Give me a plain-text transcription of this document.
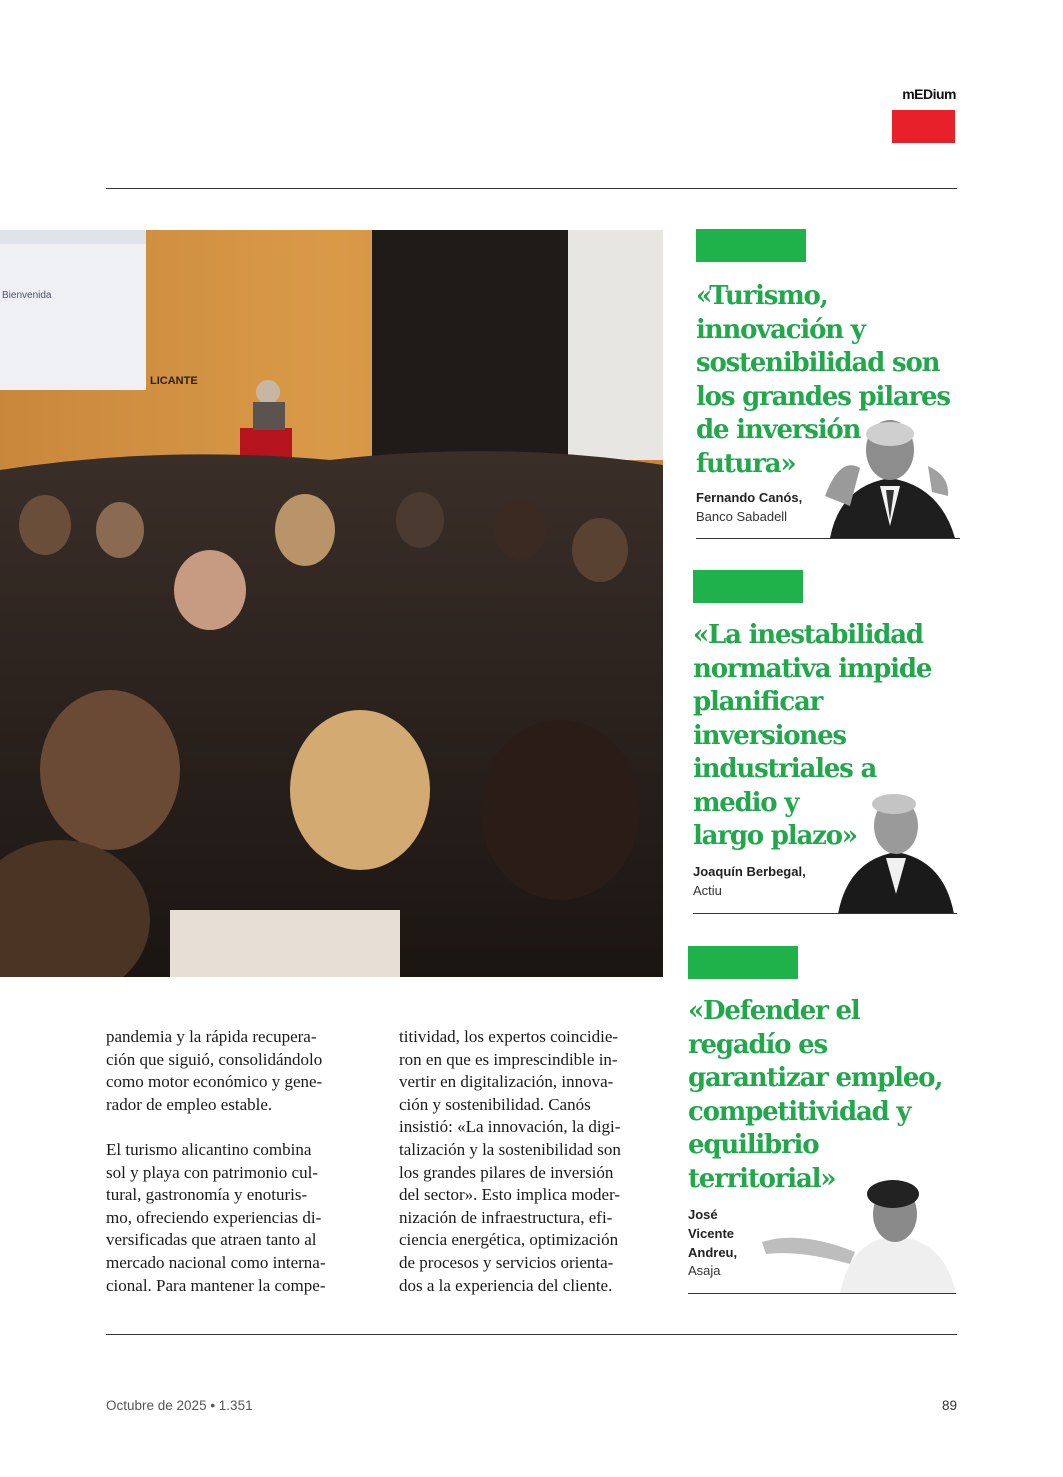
mEDium
Bienvenida
LICANTE

pandemia y la rápida recupera-
ción que siguió, consolidándolo
como motor económico y gene-
rador de empleo estable.

El turismo alicantino combina
sol y playa con patrimonio cul-
tural, gastronomía y enoturis-
mo, ofreciendo experiencias di-
versificadas que atraen tanto al
mercado nacional como interna-
cional. Para mantener la compe-

titividad, los expertos coincidie-
ron en que es imprescindible in-
vertir en digitalización, innova-
ción y sostenibilidad. Canós
insistió: «La innovación, la digi-
talización y la sostenibilidad son
los grandes pilares de inversión
del sector». Esto implica moder-
nización de infraestructura, efi-
ciencia energética, optimización
de procesos y servicios orienta-
dos a la experiencia del cliente.

«Turismo,
innovación y
sostenibilidad son
los grandes pilares
de inversión
futura»
Fernando Canós,
Banco Sabadell
«La inestabilidad
normativa impide
planificar
inversiones
industriales a
medio y
largo plazo»
Joaquín Berbegal,
Actiu
«Defender el
regadío es
garantizar empleo,
competitividad y
equilibrio
territorial»
José
Vicente
Andreu,
Asaja
Octubre de 2025 • 1.351	89
